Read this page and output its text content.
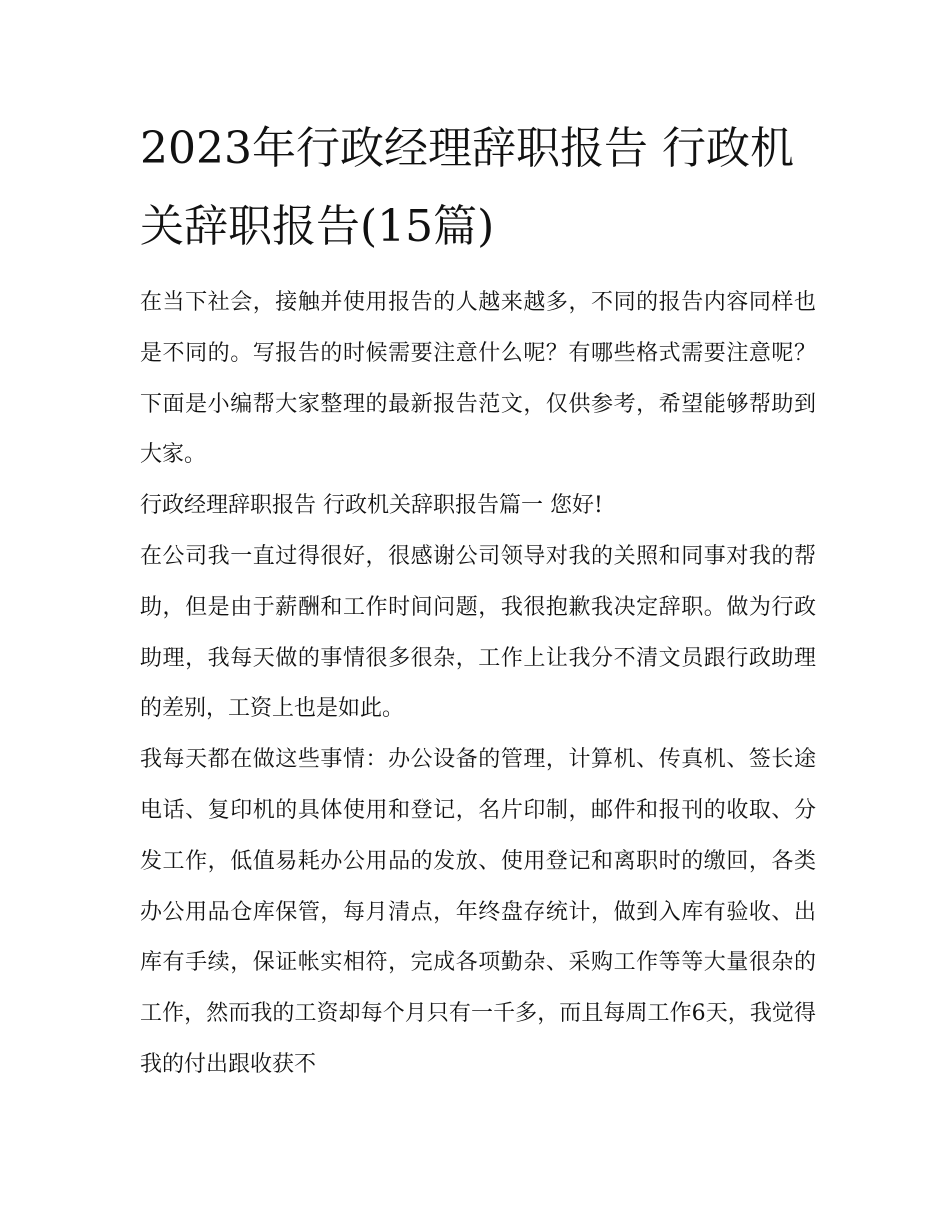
2023年行政经理辞职报告 行政机关辞职报告(15篇)

在当下社会，接触并使用报告的人越来越多，不同的报告内容同样也是不同的。写报告的时候需要注意什么呢？有哪些格式需要注意呢？下面是小编帮大家整理的最新报告范文，仅供参考，希望能够帮助到大家。

行政经理辞职报告 行政机关辞职报告篇一 您好!

在公司我一直过得很好，很感谢公司领导对我的关照和同事对我的帮助，但是由于薪酬和工作时间问题，我很抱歉我决定辞职。做为行政助理，我每天做的事情很多很杂，工作上让我分不清文员跟行政助理的差别，工资上也是如此。

我每天都在做这些事情：办公设备的管理，计算机、传真机、签长途电话、复印机的具体使用和登记，名片印制，邮件和报刊的收取、分发工作，低值易耗办公用品的发放、使用登记和离职时的缴回，各类办公用品仓库保管，每月清点，年终盘存统计，做到入库有验收、出库有手续，保证帐实相符，完成各项勤杂、采购工作等等大量很杂的工作，然而我的工资却每个月只有一千多，而且每周工作6天，我觉得我的付出跟收获不
